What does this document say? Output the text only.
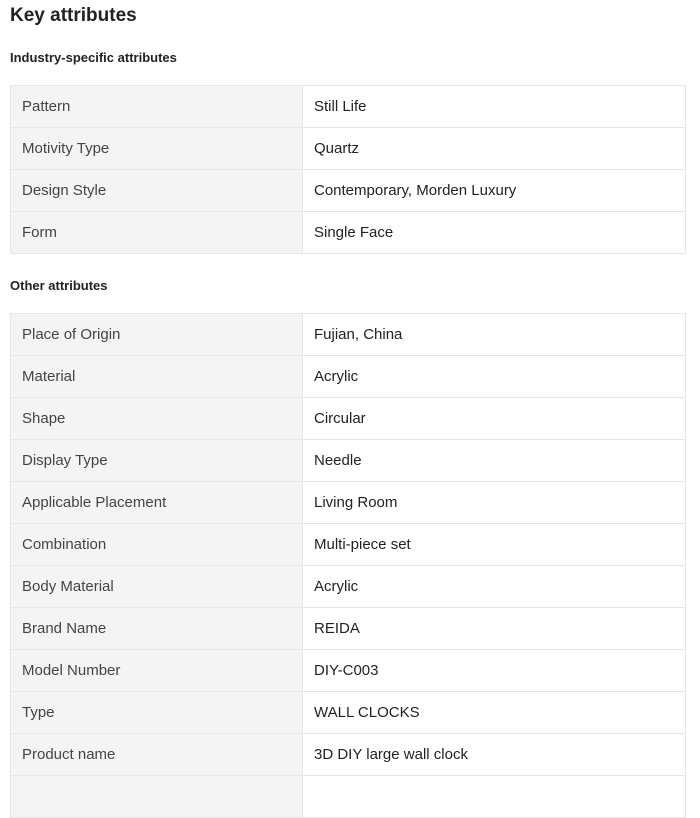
Key attributes
Industry-specific attributes
Pattern	Still Life
Motivity Type	Quartz
Design Style	Contemporary, Morden Luxury
Form	Single Face
Other attributes
Place of Origin	Fujian, China
Material	Acrylic
Shape	Circular
Display Type	Needle
Applicable Placement	Living Room
Combination	Multi-piece set
Body Material	Acrylic
Brand Name	REIDA
Model Number	DIY-C003
Type	WALL CLOCKS
Product name	3D DIY large wall clock
